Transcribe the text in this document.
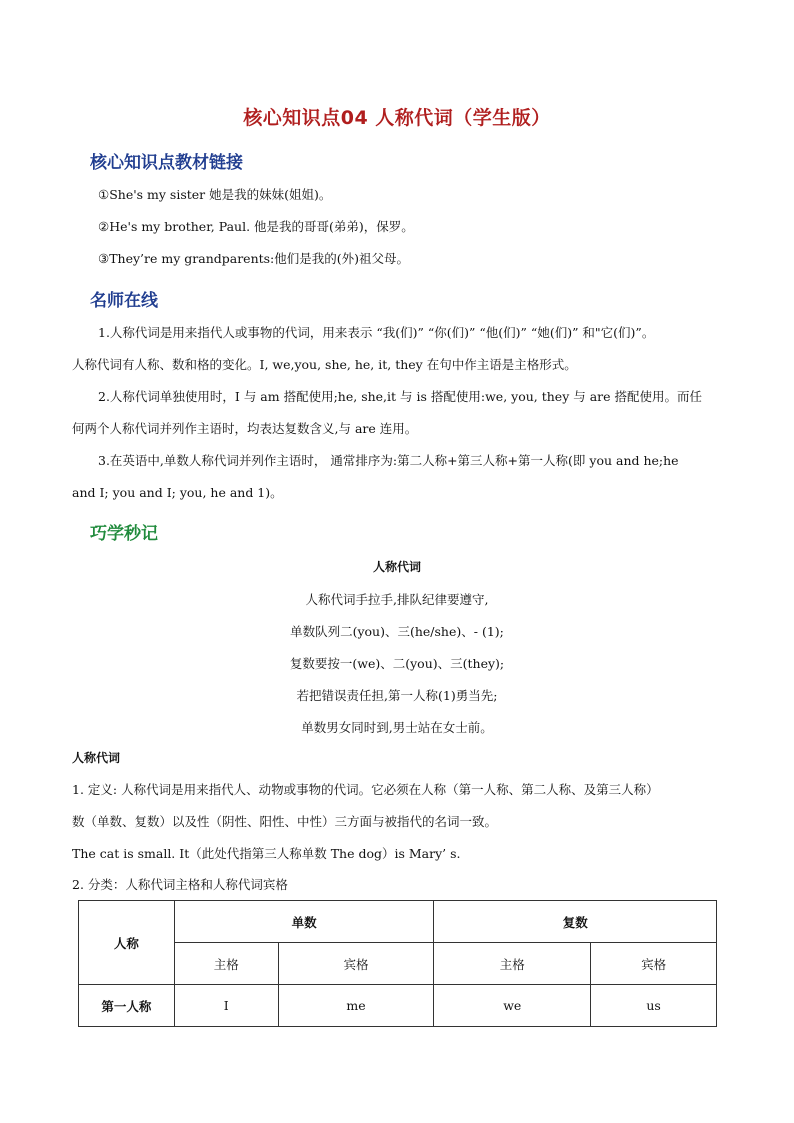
核心知识点04 人称代词（学生版）
核心知识点教材链接
①She's my sister 她是我的妹妹(姐姐)。
②He's my brother, Paul. 他是我的哥哥(弟弟)，保罗。
③They’re my grandparents:他们是我的(外)祖父母。
名师在线
1.人称代词是用来指代人或事物的代词，用来表示 “我(们)” “你(们)” “他(们)” “她(们)” 和"它(们)”。
人称代词有人称、数和格的变化。I, we,you, she, he, it, they 在句中作主语是主格形式。
2.人称代词单独使用时，I 与 am 搭配使用;he, she,it 与 is 搭配使用:we, you, they 与 are 搭配使用。而任
何两个人称代词并列作主语时，均表达复数含义,与 are 连用。
3.在英语中,单数人称代词并列作主语时， 通常排序为:第二人称+第三人称+第一人称(即 you and he;he
and I; you and I; you, he and 1)。
巧学秒记
人称代词
人称代词手拉手,排队纪律要遵守,
单数队列二(you)、三(he/she)、- (1);
复数要按一(we)、二(you)、三(they);
若把错误责任担,第一人称(1)勇当先;
单数男女同时到,男士站在女士前。
人称代词
1. 定义: 人称代词是用来指代人、动物或事物的代词。它必须在人称（第一人称、第二人称、及第三人称）
数（单数、复数）以及性（阴性、阳性、中性）三方面与被指代的名词一致。
The cat is small. It（此处代指第三人称单数 The dog）is Mary’ s.
2. 分类：人称代词主格和人称代词宾格
人称	单数		复数	
	主格	宾格	主格	宾格
第一人称	I	me	we	us
